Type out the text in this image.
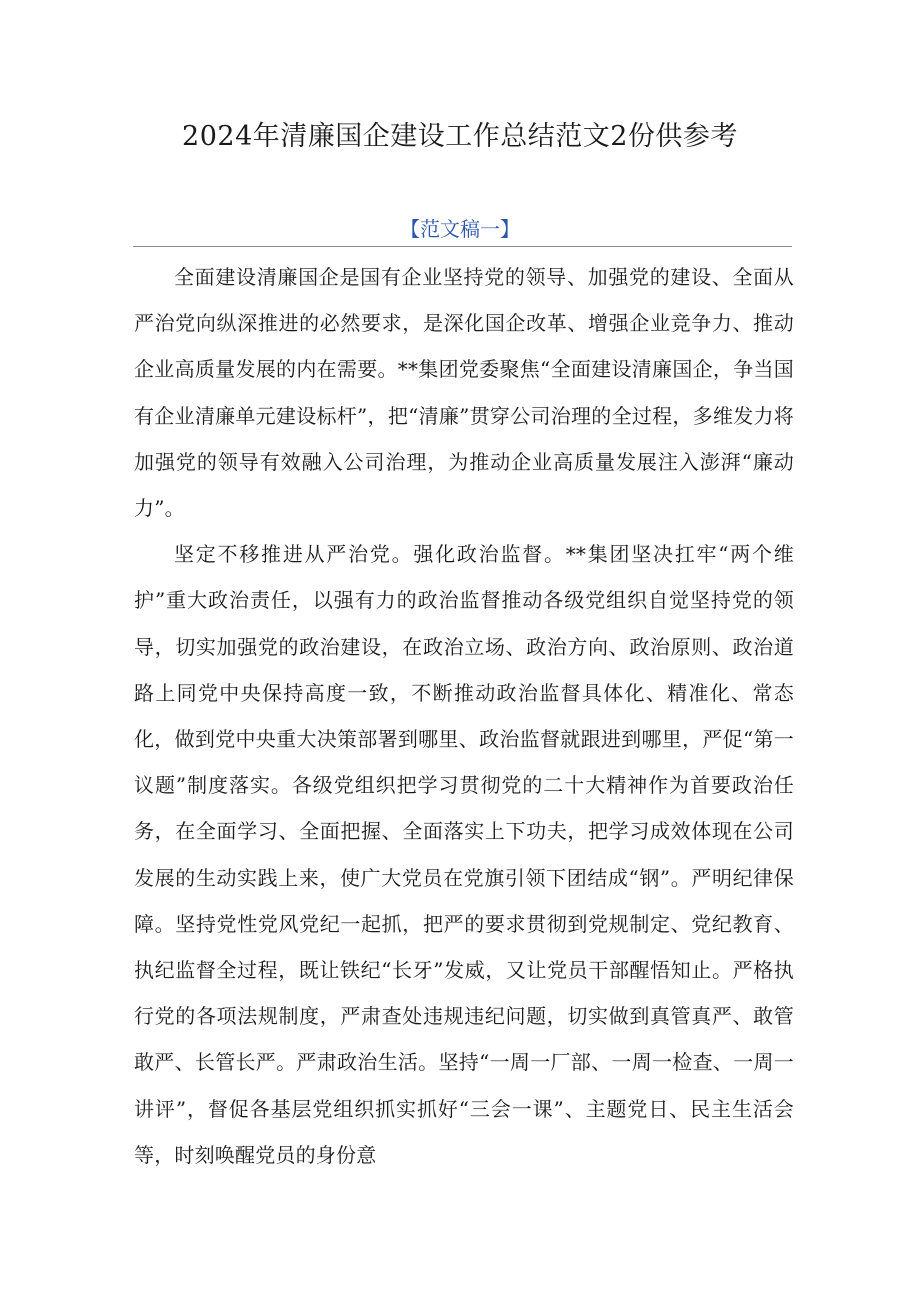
2024年清廉国企建设工作总结范文2份供参考
【范文稿一】

全面建设清廉国企是国有企业坚持党的领导、加强党的建设、全面从严治党向纵深推进的必然要求，是深化国企改革、增强企业竞争力、推动企业高质量发展的内在需要。**集团党委聚焦“全面建设清廉国企，争当国有企业清廉单元建设标杆”，把“清廉”贯穿公司治理的全过程，多维发力将加强党的领导有效融入公司治理，为推动企业高质量发展注入澎湃“廉动力”。

坚定不移推进从严治党。强化政治监督。**集团坚决扛牢“两个维护”重大政治责任，以强有力的政治监督推动各级党组织自觉坚持党的领导，切实加强党的政治建设，在政治立场、政治方向、政治原则、政治道路上同党中央保持高度一致，不断推动政治监督具体化、精准化、常态化，做到党中央重大决策部署到哪里、政治监督就跟进到哪里，严促“第一议题”制度落实。各级党组织把学习贯彻党的二十大精神作为首要政治任务，在全面学习、全面把握、全面落实上下功夫，把学习成效体现在公司发展的生动实践上来，使广大党员在党旗引领下团结成“钢”。严明纪律保障。坚持党性党风党纪一起抓，把严的要求贯彻到党规制定、党纪教育、执纪监督全过程，既让铁纪“长牙”发威，又让党员干部醒悟知止。严格执行党的各项法规制度，严肃查处违规违纪问题，切实做到真管真严、敢管敢严、长管长严。严肃政治生活。坚持“一周一厂部、一周一检查、一周一讲评”，督促各基层党组织抓实抓好“三会一课”、主题党日、民主生活会等，时刻唤醒党员的身份意
